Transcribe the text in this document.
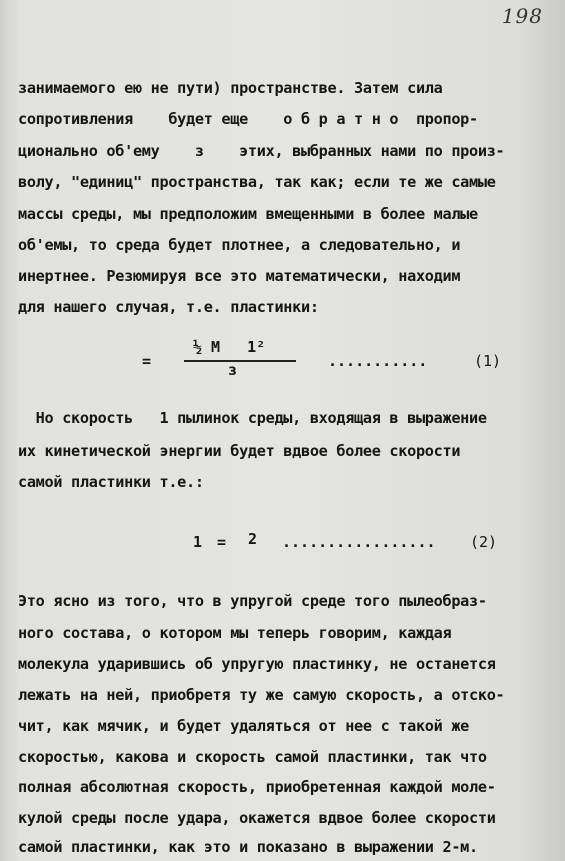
198
занимаемого ею не пути) пространстве. Затем сила
сопротивления    будет еще    о б р а т н о  пропор-
ционально об'ему    з    этих, выбранных нами по произ-
волу, "единиц" пространства, так как; если те же самые
массы среды, мы предположим вмещенными в более малые
об'емы, то среда будет плотнее, а следовательно, и
инертнее. Резюмируя все это математически, находим
для нашего случая, т.е. пластинки:
=
½ М   1²
з	...........	(1)
Но скорость   1 пылинок среды, входящая в выражение
их кинетической энергии будет вдвое более скорости
самой пластинки т.е.:
1 = 2 ................. (2)
Это ясно из того, что в упругой среде того пылеобраз-
ного состава, о котором мы теперь говорим, каждая
молекула ударившись об упругую пластинку, не останется
лежать на ней, приобретя ту же самую скорость, а отско-
чит, как мячик, и будет удаляться от нее с такой же
скоростью, какова и скорость самой пластинки, так что
полная абсолютная скорость, приобретенная каждой моле-
кулой среды после удара, окажется вдвое более скорости
самой пластинки, как это и показано в выражении 2-м.
